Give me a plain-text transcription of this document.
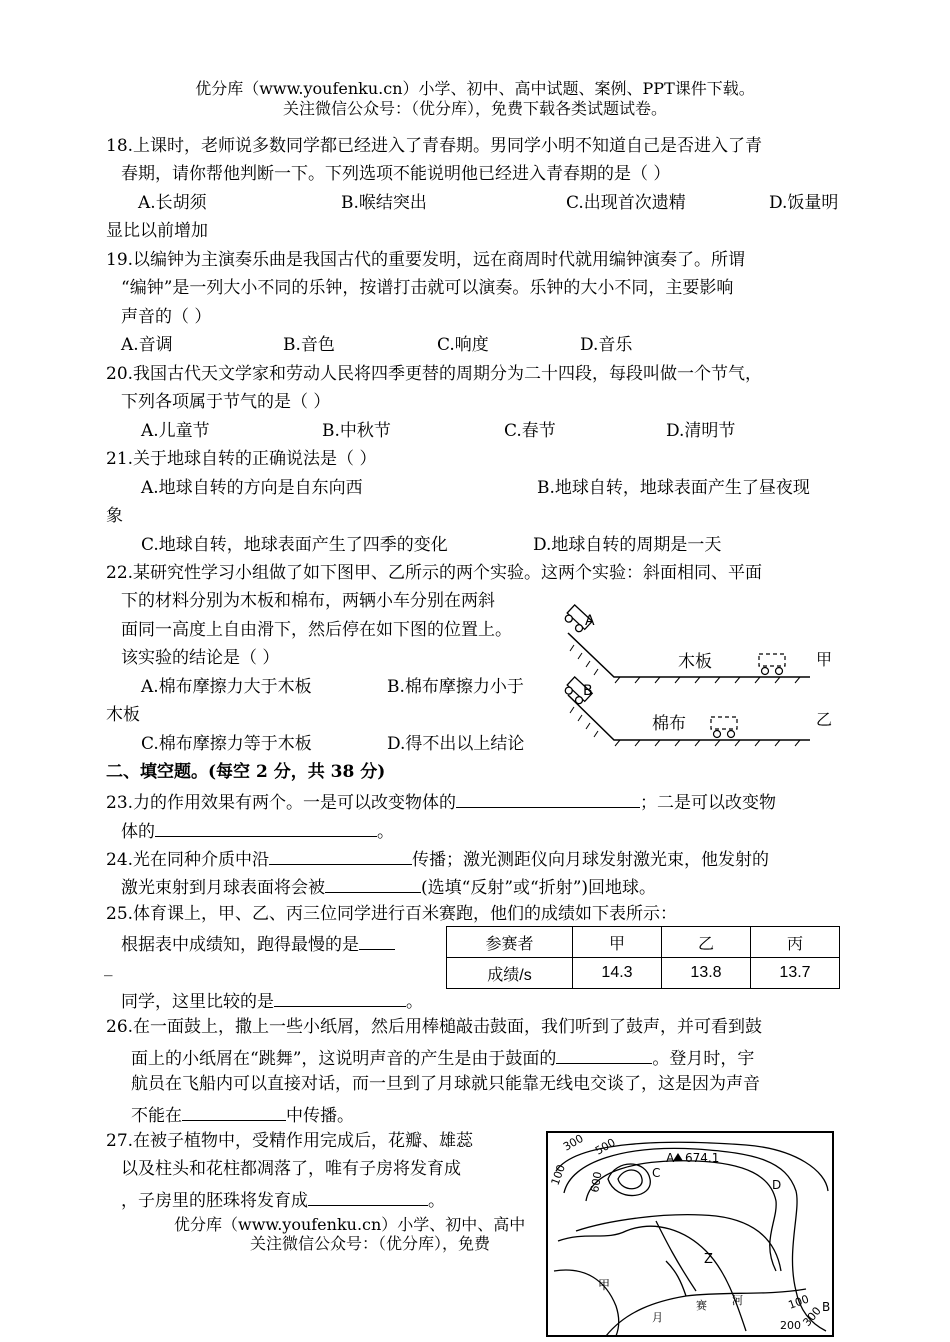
优分库（www.youfenku.cn）小学、初中、高中试题、案例、PPT课件下载。
关注微信公众号：（优分库），免费下载各类试题试卷。
18.上课时，老师说多数同学都已经进入了青春期。男同学小明不知道自己是否进入了青
春期，请你帮他判断一下。下列选项不能说明他已经进入青春期的是（ ）
A.长胡须	B.喉结突出	C.出现首次遗精	D.饭量明
显比以前增加
19.以编钟为主演奏乐曲是我国古代的重要发明，远在商周时代就用编钟演奏了。所谓
“编钟”是一列大小不同的乐钟，按谱打击就可以演奏。乐钟的大小不同，主要影响
声音的（ ）
A.音调	B.音色	C.响度	D.音乐
20.我国古代天文学家和劳动人民将四季更替的周期分为二十四段，每段叫做一个节气，
下列各项属于节气的是（ ）
A.儿童节	B.中秋节	C.春节	D.清明节
21.关于地球自转的正确说法是（ ）
A.地球自转的方向是自东向西	B.地球自转，地球表面产生了昼夜现
象
C.地球自转，地球表面产生了四季的变化	D.地球自转的周期是一天
22.某研究性学习小组做了如下图甲、乙所示的两个实验。这两个实验：斜面相同、平面
下的材料分别为木板和棉布，两辆小车分别在两斜
面同一高度上自由滑下，然后停在如下图的位置上。
该实验的结论是（ ）
A.棉布摩擦力大于木板	B.棉布摩擦力小于
木板
C.棉布摩擦力等于木板	D.得不出以上结论
A
木板	甲
B
棉布	乙
二、填空题。(每空 2 分，共 38 分)
23.力的作用效果有两个。一是可以改变物体的	；二是可以改变物
体的	。
24.光在同种介质中沿	传播；激光测距仪向月球发射激光束，他发射的
激光束射到月球表面将会被	(选填“反射”或“折射”)回地球。
25.体育课上，甲、乙、丙三位同学进行百米赛跑，他们的成绩如下表所示：
根据表中成绩知，跑得最慢的是
_
同学，这里比较的是	。
参赛者	甲	乙	丙
成绩/s	14.3	13.8	13.7
26.在一面鼓上，撒上一些小纸屑，然后用棒槌敲击鼓面，我们听到了鼓声，并可看到鼓
面上的小纸屑在“跳舞”，这说明声音的产生是由于鼓面的	。登月时，宇
航员在飞船内可以直接对话，而一旦到了月球就只能靠无线电交谈了，这是因为声音
不能在	中传播。
27.在被子植物中，受精作用完成后，花瓣、雄蕊
以及柱头和花柱都凋落了，唯有子房将发育成
，子房里的胚珠将发育成	。
优分库（www.youfenku.cn）小学、初中、高中
关注微信公众号：（优分库），免费
300 500
100 600
A 674.1
C
D
Z
甲
月
赛 河	100
200 300
B
